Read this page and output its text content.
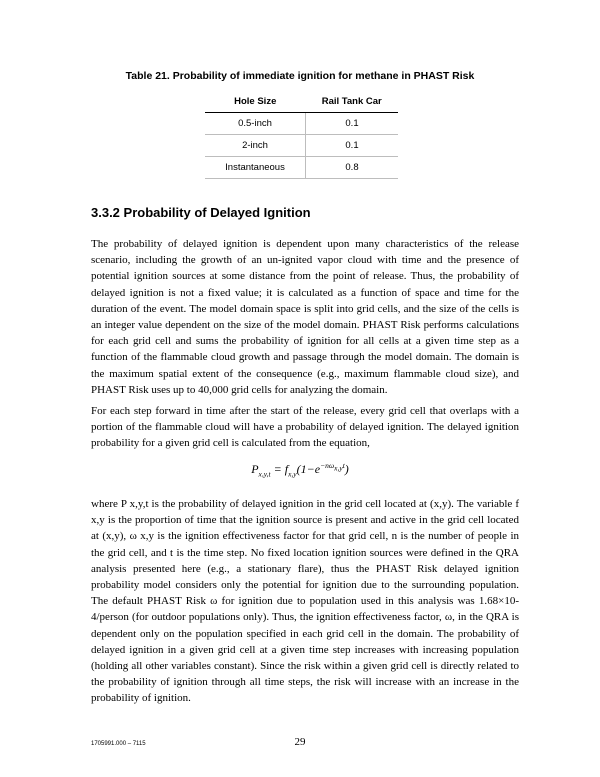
Table 21. Probability of immediate ignition for methane in PHAST Risk
Hole Size	Rail Tank Car
0.5-inch	0.1
2-inch	0.1
Instantaneous	0.8
3.3.2 Probability of Delayed Ignition

The probability of delayed ignition is dependent upon many characteristics of the release scenario, including the growth of an un-ignited vapor cloud with time and the presence of potential ignition sources at some distance from the point of release. Thus, the probability of delayed ignition is not a fixed value; it is calculated as a function of space and time for the duration of the event. The model domain space is split into grid cells, and the size of the cells is an integer value dependent on the size of the model domain. PHAST Risk performs calculations for each grid cell and sums the probability of ignition for all cells at a given time step as a function of the flammable cloud growth and passage through the model domain. The domain is the maximum spatial extent of the consequence (e.g., maximum flammable cloud size), and PHAST Risk uses up to 40,000 grid cells for analyzing the domain.

For each step forward in time after the start of the release, every grid cell that overlaps with a portion of the flammable cloud will have a probability of delayed ignition. The delayed ignition probability for a given grid cell is calculated from the equation,

$P_{x,y,t} = f_{x,y}(1-e^{-n\omega_{x,y}t})$

where P x,y,t is the probability of delayed ignition in the grid cell located at (x,y). The variable f x,y is the proportion of time that the ignition source is present and active in the grid cell located at (x,y), ω x,y is the ignition effectiveness factor for that grid cell, n is the number of people in the grid cell, and t is the time step. No fixed location ignition sources were defined in the QRA analysis presented here (e.g., a stationary flare), thus the PHAST Risk delayed ignition probability model considers only the potential for ignition due to the surrounding population. The default PHAST Risk ω for ignition due to population used in this analysis was 1.68×10-4/person (for outdoor populations only). Thus, the ignition effectiveness factor, ω, in the QRA is dependent only on the population specified in each grid cell in the domain. The probability of delayed ignition in a given grid cell at a given time step increases with increasing population (holding all other variables constant). Since the risk within a given grid cell is directly related to the probability of ignition through all time steps, the risk will increase with an increase in the probability of ignition.

1705991.000 – 7115	29
